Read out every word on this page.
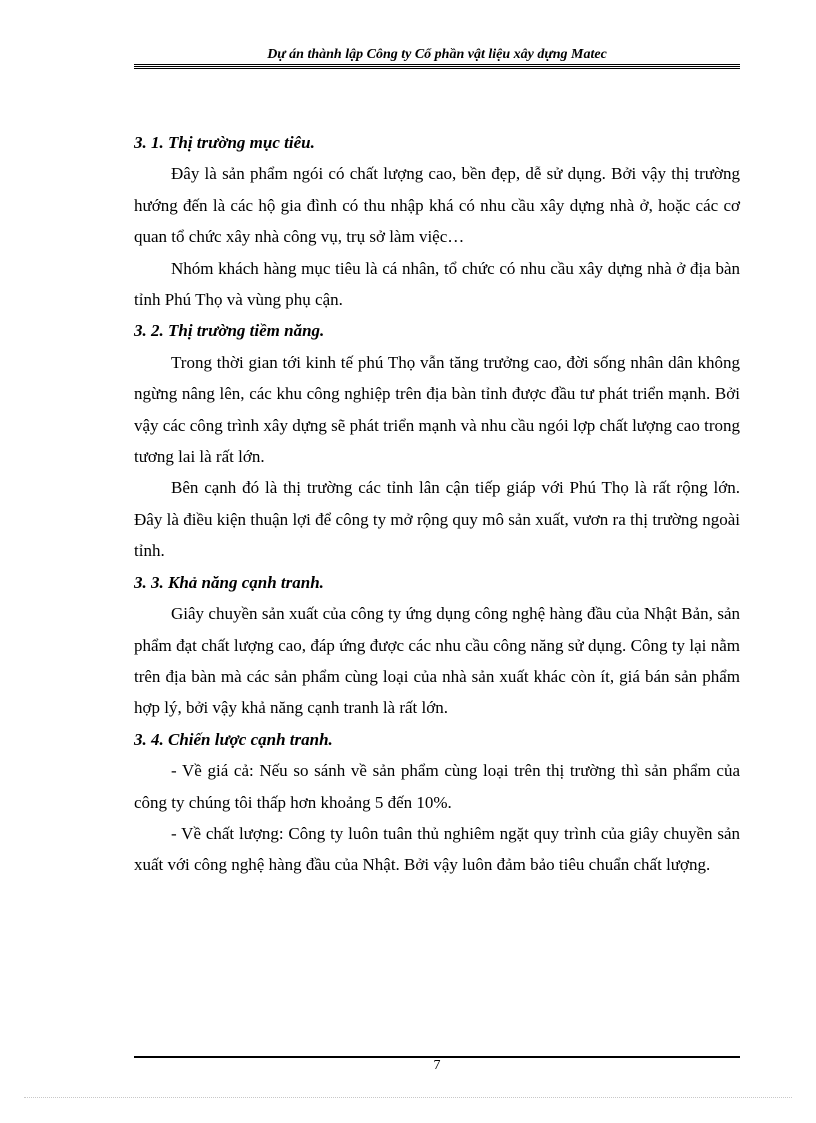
Dự án thành lập Công ty Cổ phần vật liệu xây dựng Matec

3. 1. Thị trường mục tiêu.

Đây là sản phẩm ngói có chất lượng cao, bền đẹp, dễ sử dụng. Bởi vậy thị trường hướng đến là các hộ gia đình có thu nhập khá có nhu cầu xây dựng nhà ở, hoặc các cơ quan tổ chức xây nhà công vụ, trụ sở làm việc…

Nhóm khách hàng mục tiêu là cá nhân, tổ chức có nhu cầu xây dựng nhà ở địa bàn tỉnh Phú Thọ và vùng phụ cận.

3. 2. Thị trường tiềm năng.

Trong thời gian tới kinh tế phú Thọ vẫn tăng trưởng cao, đời sống nhân dân không ngừng nâng lên, các khu công nghiệp trên địa bàn tỉnh được đầu tư phát triển mạnh. Bởi vậy các công trình xây dựng sẽ phát triển mạnh và nhu cầu ngói lợp chất lượng cao trong tương lai là rất lớn.

Bên cạnh đó là thị trường các tỉnh lân cận tiếp giáp với Phú Thọ là rất rộng lớn. Đây là điều kiện thuận lợi để công ty mở rộng quy mô sản xuất, vươn ra thị trường ngoài tỉnh.

3. 3. Khả năng cạnh tranh.

Giây chuyền sản xuất của công ty ứng dụng công nghệ hàng đầu của Nhật Bản, sản phẩm đạt chất lượng cao, đáp ứng được các nhu cầu công năng sử dụng. Công ty lại nằm trên địa bàn mà các sản phẩm cùng loại của nhà sản xuất khác còn ít, giá bán sản phẩm hợp lý, bởi vậy khả năng cạnh tranh là rất lớn.

3. 4. Chiến lược cạnh tranh.

- Về giá cả: Nếu so sánh về sản phẩm cùng loại trên thị trường thì sản phẩm của công ty chúng tôi thấp hơn khoảng 5 đến 10%.

- Về chất lượng: Công ty luôn tuân thủ nghiêm ngặt quy trình của giây chuyền sản xuất với công nghệ hàng đầu của Nhật. Bởi vậy luôn đảm bảo tiêu chuẩn chất lượng.

7
